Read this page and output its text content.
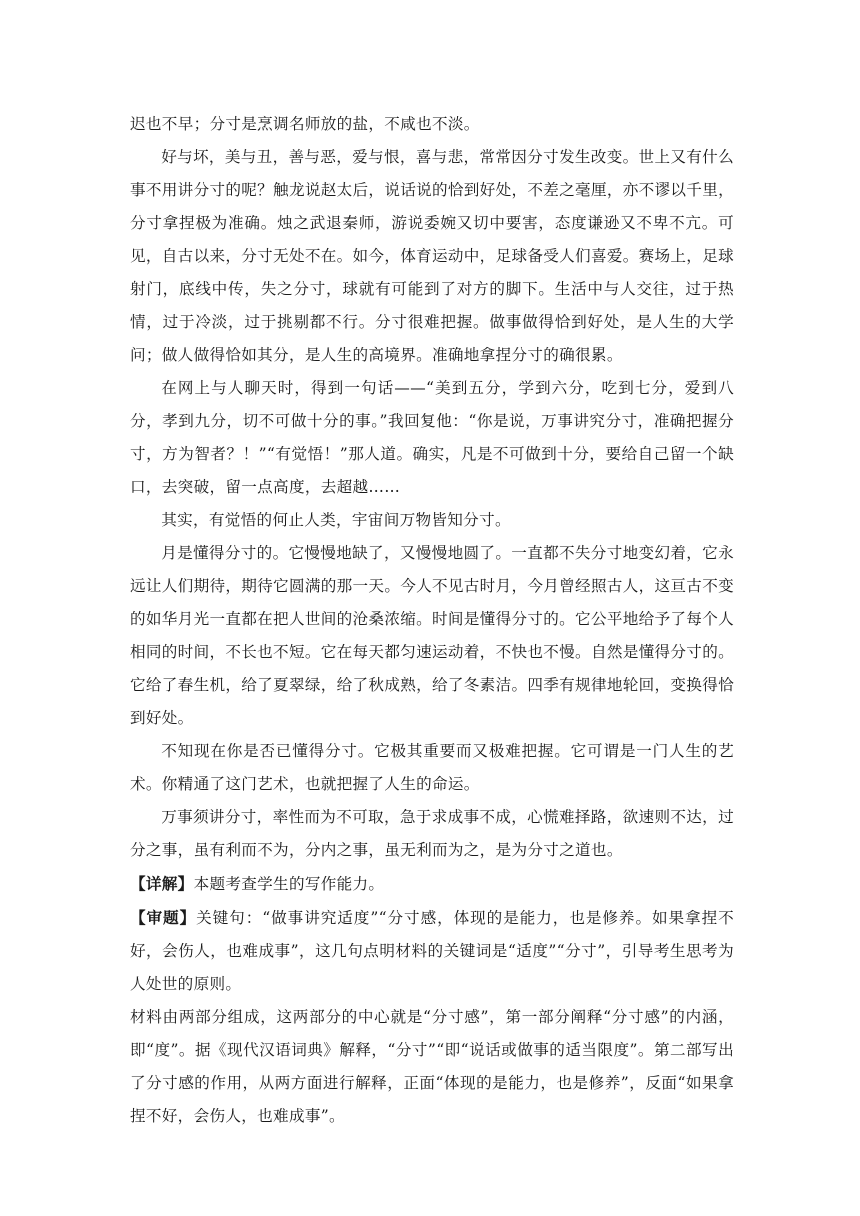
迟也不早；分寸是烹调名师放的盐，不咸也不淡。

好与坏，美与丑，善与恶，爱与恨，喜与悲，常常因分寸发生改变。世上又有什么事不用讲分寸的呢？触龙说赵太后，说话说的恰到好处，不差之毫厘，亦不谬以千里，分寸拿捏极为准确。烛之武退秦师，游说委婉又切中要害，态度谦逊又不卑不亢。可见，自古以来，分寸无处不在。如今，体育运动中，足球备受人们喜爱。赛场上，足球射门，底线中传，失之分寸，球就有可能到了对方的脚下。生活中与人交往，过于热情，过于冷淡，过于挑剔都不行。分寸很难把握。做事做得恰到好处，是人生的大学问；做人做得恰如其分，是人生的高境界。准确地拿捏分寸的确很累。

在网上与人聊天时，得到一句话——“美到五分，学到六分，吃到七分，爱到八分，孝到九分，切不可做十分的事。”我回复他：“你是说，万事讲究分寸，准确把握分寸，方为智者？！”“有觉悟！”那人道。确实，凡是不可做到十分，要给自己留一个缺口，去突破，留一点高度，去超越……

其实，有觉悟的何止人类，宇宙间万物皆知分寸。

月是懂得分寸的。它慢慢地缺了，又慢慢地圆了。一直都不失分寸地变幻着，它永远让人们期待，期待它圆满的那一天。今人不见古时月，今月曾经照古人，这亘古不变的如华月光一直都在把人世间的沧桑浓缩。时间是懂得分寸的。它公平地给予了每个人相同的时间，不长也不短。它在每天都匀速运动着，不快也不慢。自然是懂得分寸的。它给了春生机，给了夏翠绿，给了秋成熟，给了冬素洁。四季有规律地轮回，变换得恰到好处。

不知现在你是否已懂得分寸。它极其重要而又极难把握。它可谓是一门人生的艺术。你精通了这门艺术，也就把握了人生的命运。

万事须讲分寸，率性而为不可取，急于求成事不成，心慌难择路，欲速则不达，过分之事，虽有利而不为，分内之事，虽无利而为之，是为分寸之道也。

【详解】本题考查学生的写作能力。

【审题】关键句：“做事讲究适度”“分寸感，体现的是能力，也是修养。如果拿捏不好，会伤人，也难成事”，这几句点明材料的关键词是“适度”“分寸”，引导考生思考为人处世的原则。

材料由两部分组成，这两部分的中心就是“分寸感”，第一部分阐释“分寸感”的内涵，即“度”。据《现代汉语词典》解释，“分寸”“即“说话或做事的适当限度”。第二部写出了分寸感的作用，从两方面进行解释，正面“体现的是能力，也是修养”，反面“如果拿捏不好，会伤人，也难成事”。
